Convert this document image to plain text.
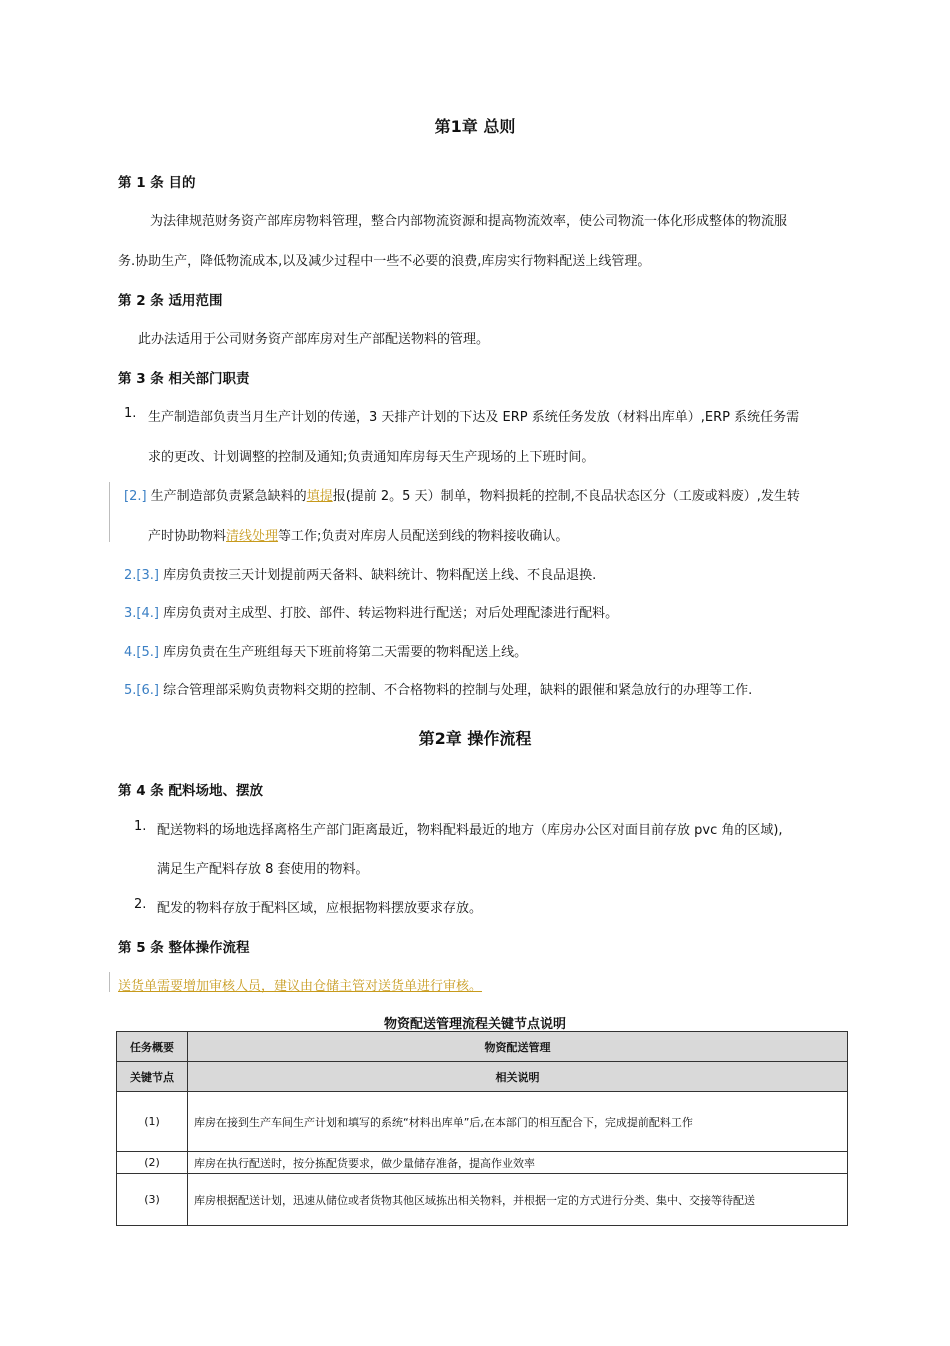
第1章 总则
第 1 条 目的
为法律规范财务资产部库房物料管理，整合内部物流资源和提高物流效率，使公司物流一体化形成整体的物流服
务.协助生产，降低物流成本,以及减少过程中一些不必要的浪费,库房实行物料配送上线管理。
第 2 条 适用范围
此办法适用于公司财务资产部库房对生产部配送物料的管理。
第 3 条 相关部门职责
1. 生产制造部负责当月生产计划的传递，3 天排产计划的下达及 ERP 系统任务发放（材料出库单）,ERP 系统任务需
求的更改、计划调整的控制及通知;负责通知库房每天生产现场的上下班时间。
[2.] 生产制造部负责紧急缺料的填提报(提前 2。5 天）制单，物料损耗的控制,不良品状态区分（工废或料废）,发生转
产时协助物料清线处理等工作;负责对库房人员配送到线的物料接收确认。
2.[3.] 库房负责按三天计划提前两天备料、缺料统计、物料配送上线、不良品退换.
3.[4.] 库房负责对主成型、打胶、部件、转运物料进行配送；对后处理配漆进行配料。
4.[5.] 库房负责在生产班组每天下班前将第二天需要的物料配送上线。
5.[6.] 综合管理部采购负责物料交期的控制、不合格物料的控制与处理，缺料的跟催和紧急放行的办理等工作.
第2章 操作流程
第 4 条 配料场地、摆放
1. 配送物料的场地选择离格生产部门距离最近，物料配料最近的地方（库房办公区对面目前存放 pvc 角的区域),
满足生产配料存放 8 套使用的物料。
2. 配发的物料存放于配料区域，应根据物料摆放要求存放。
第 5 条 整体操作流程
送货单需要增加审核人员，建议由仓储主管对送货单进行审核。
物资配送管理流程关键节点说明
任务概要	物资配送管理
关键节点	相关说明
(1)	库房在接到生产车间生产计划和填写的系统“材料出库单”后,在本部门的相互配合下，完成提前配料工作
(2)	库房在执行配送时，按分拣配货要求，做少量储存准备，提高作业效率
(3)	库房根据配送计划，迅速从储位或者货物其他区域拣出相关物料，并根据一定的方式进行分类、集中、交接等待配送
